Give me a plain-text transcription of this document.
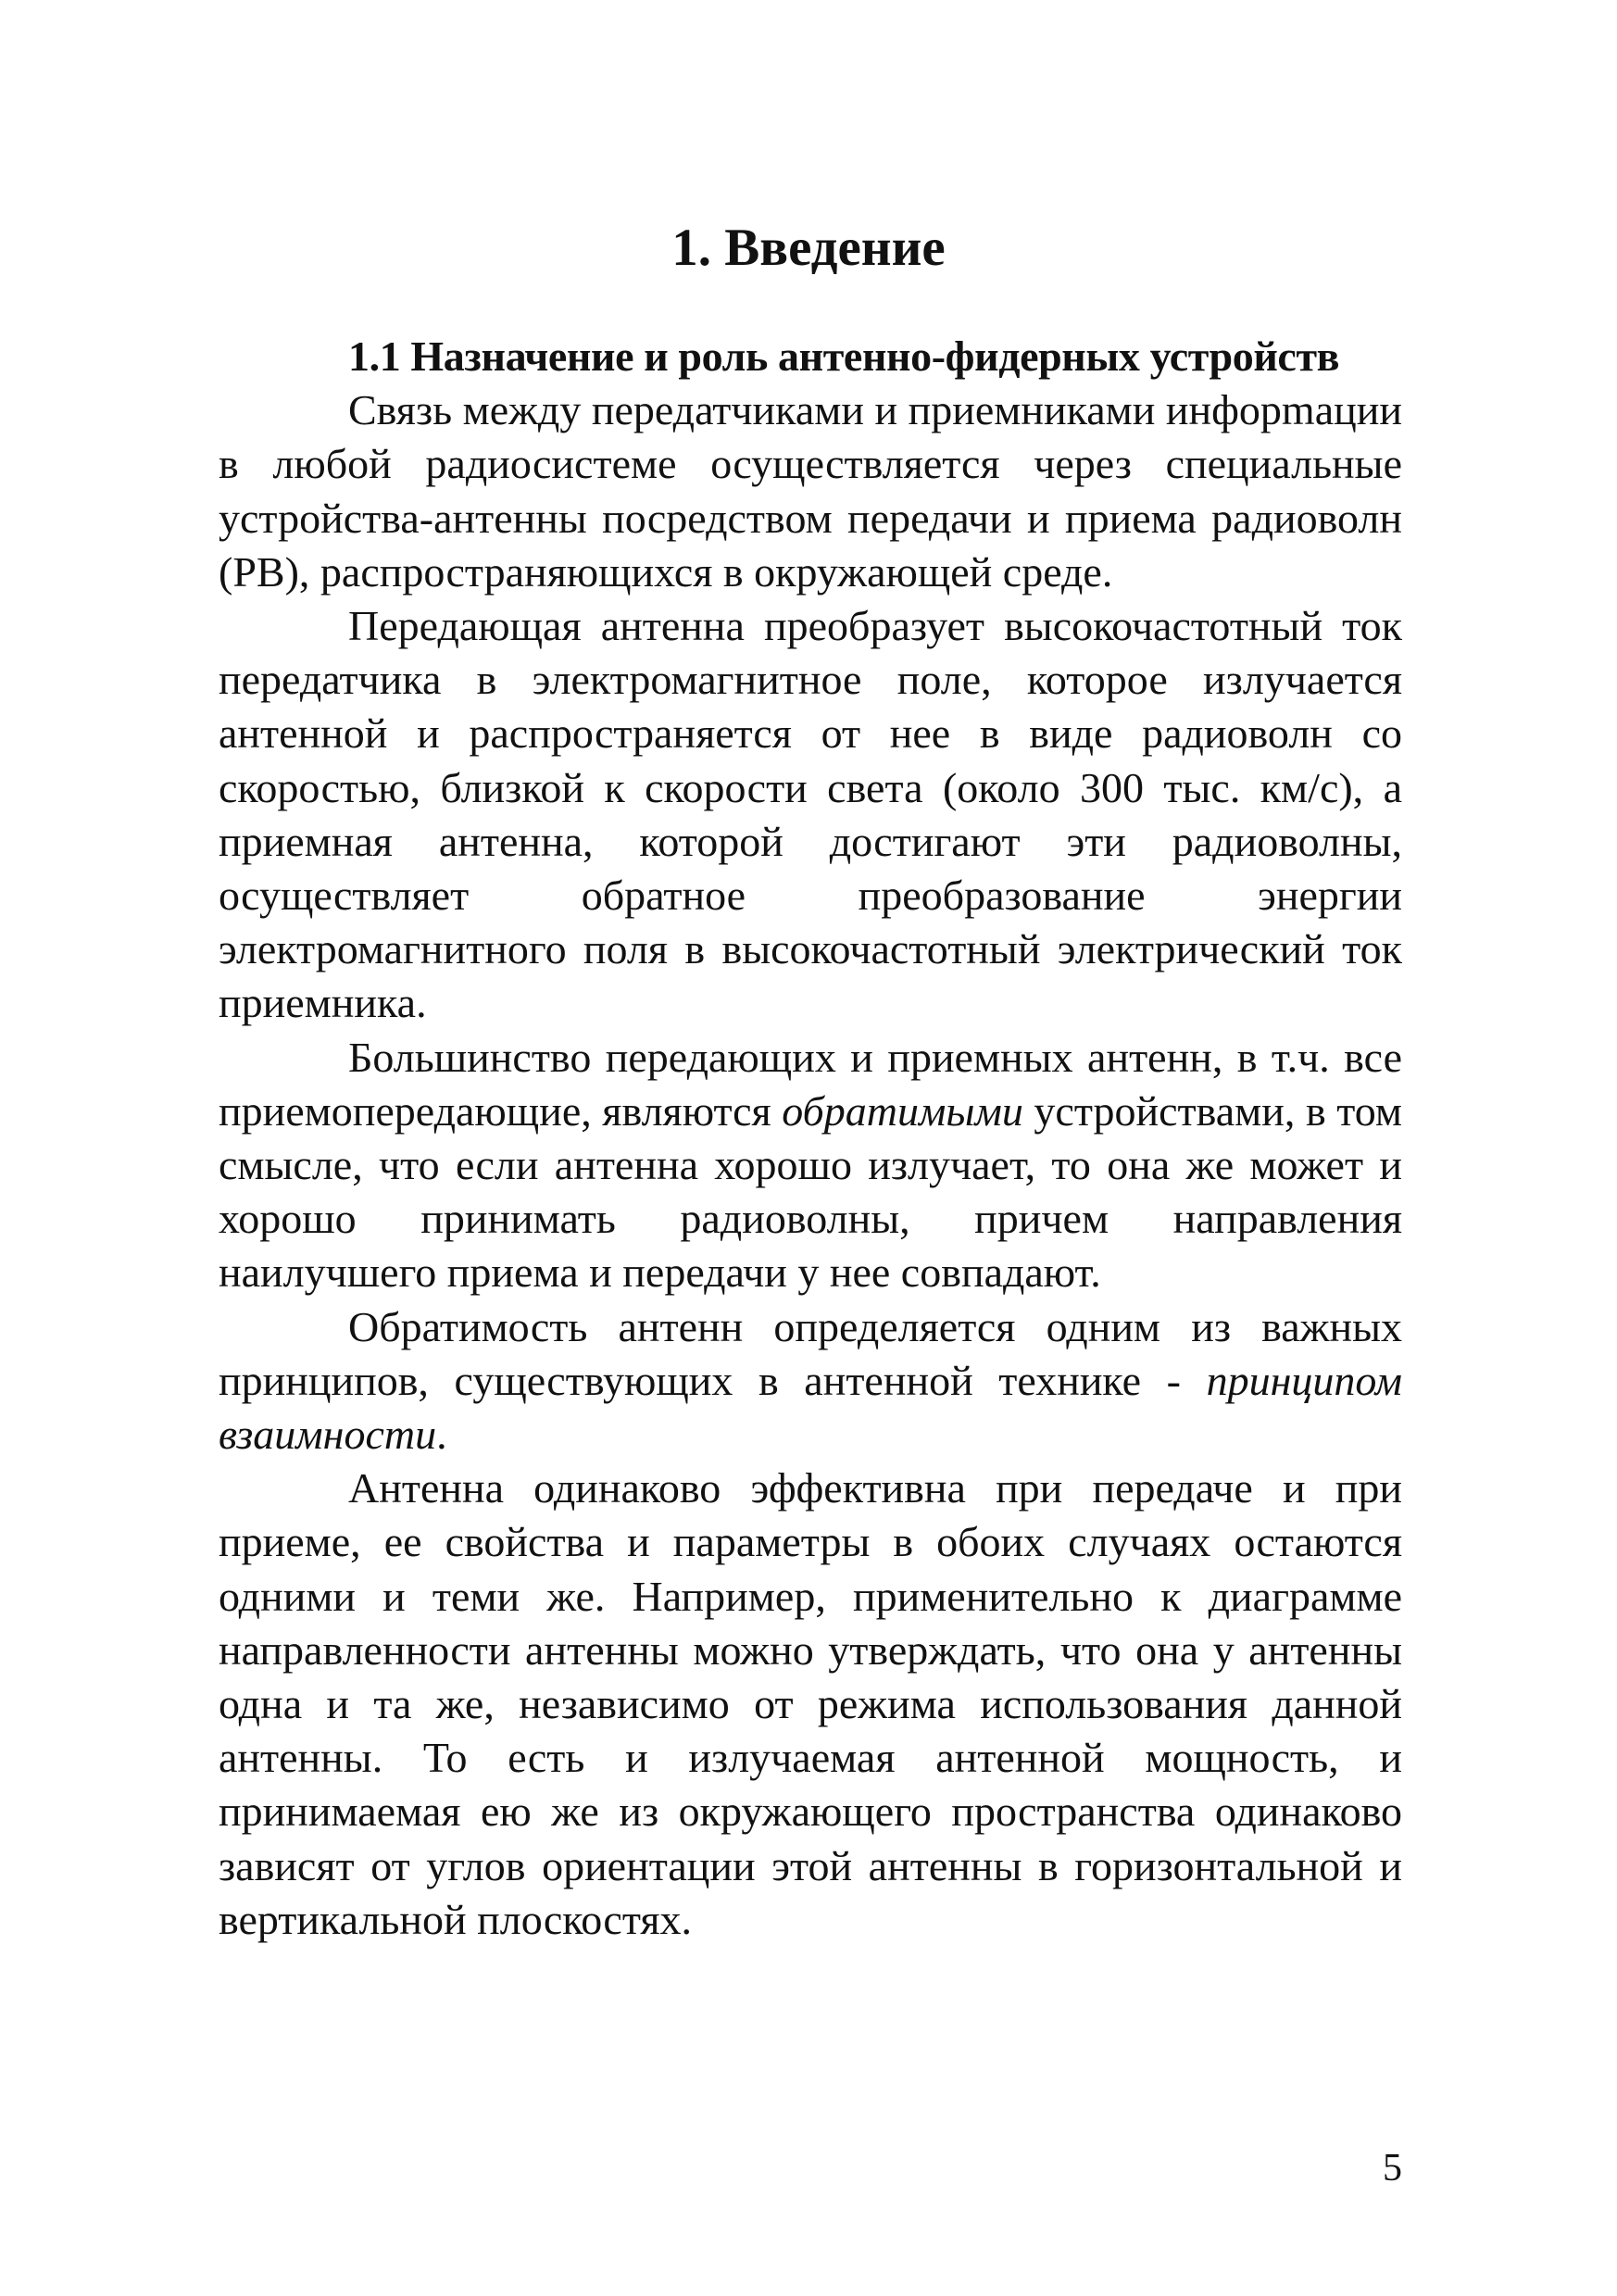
1. Введение
1.1 Назначение и роль антенно-фидерных устройств

Связь между передатчиками и приемниками инфорmации в любой радиосистеме осуществляется через специальные устройства-антенны посредством передачи и приема радиоволн (РВ), распространяющихся в окружающей среде.

Передающая антенна преобразует высокочастотный ток передатчика в электромагнитное поле, которое излучается антенной и распространяется от нее в виде радиоволн со скоростью, близкой к скорости света (около 300 тыс. км/с), а приемная антенна, которой достигают эти радиоволны, осуществляет обратное преобразование энергии электромагнитного поля в высокочастотный электрический ток приемника.

Большинство передающих и приемных антенн, в т.ч. все приемопередающие, являются обратимыми устройствами, в том смысле, что если антенна хорошо излучает, то она же может и хорошо принимать радиоволны, причем направления наилучшего приема и передачи у нее совпадают.

Обратимость антенн определяется одним из важных принципов, существующих в антенной технике - принципом взаимности.

Антенна одинаково эффективна при передаче и при приеме, ее свойства и параметры в обоих случаях остаются одними и теми же. Например, применительно к диаграмме направленности антенны можно утверждать, что она у антенны одна и та же, независимо от режима использования данной антенны. То есть и излучаемая антенной мощность, и принимаемая ею же из окружающего пространства одинаково зависят от углов ориентации этой антенны в горизонтальной и вертикальной плоскостях.

5
